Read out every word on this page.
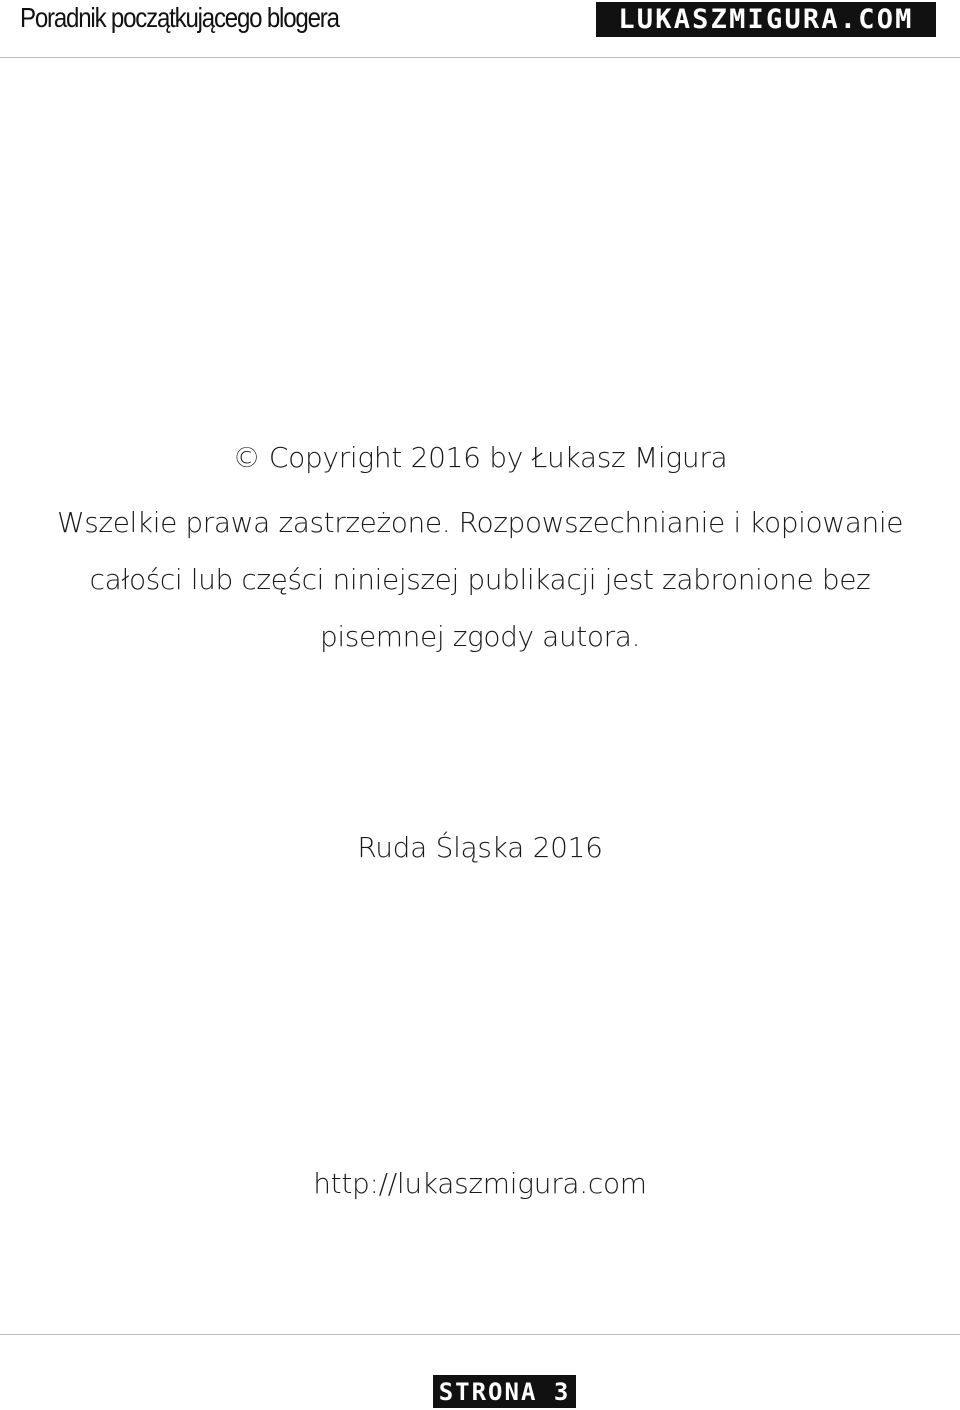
Poradnik początkującego blogera	LUKASZMIGURA.COM
© Copyright 2016 by Łukasz Migura
Wszelkie prawa zastrzeżone. Rozpowszechnianie i kopiowanie
całości lub części niniejszej publikacji jest zabronione bez
pisemnej zgody autora.
Ruda Śląska 2016
http://lukaszmigura.com
STRONA 3
